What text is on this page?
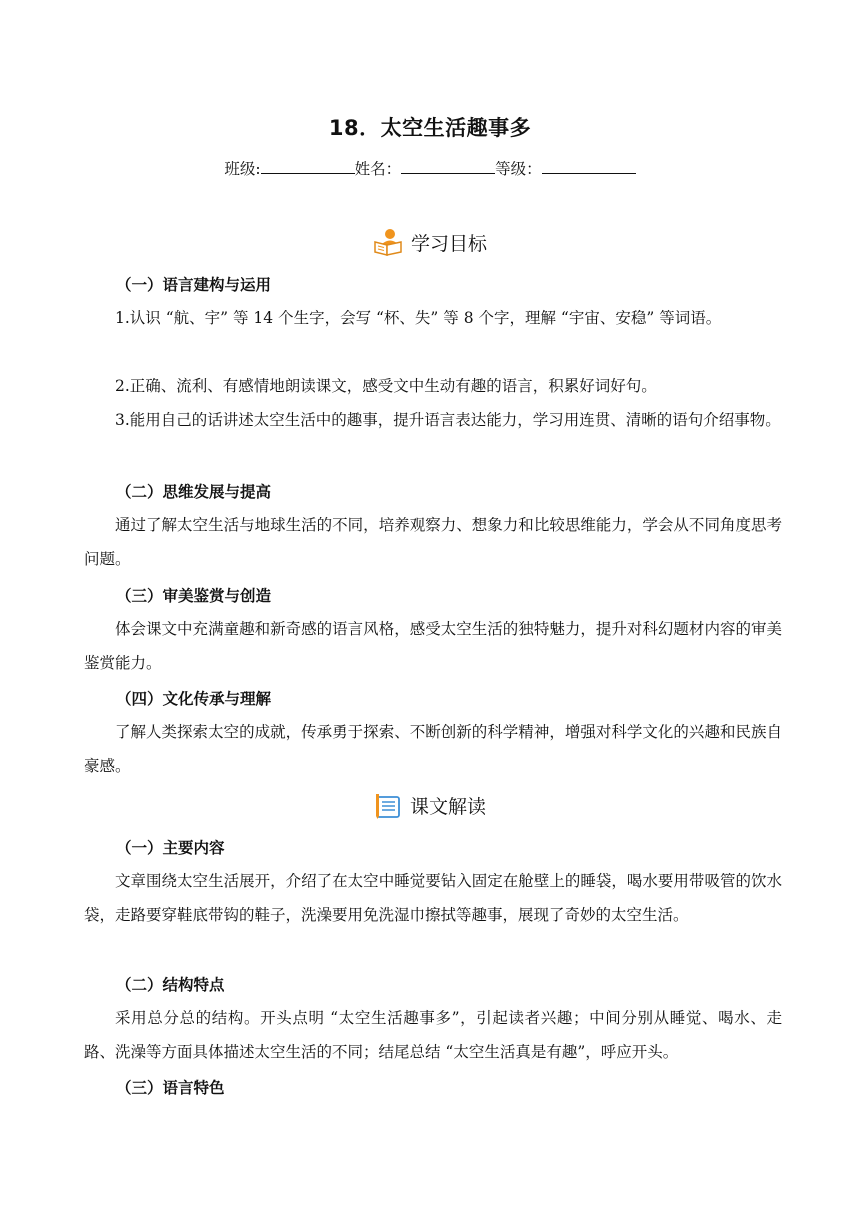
18．太空生活趣事多
班级:	姓名：	等级：
学习目标
（一）语言建构与运用

1.认识 “航、宇” 等 14 个生字，会写 “杯、失” 等 8 个字，理解 “宇宙、安稳” 等词语。

2.正确、流利、有感情地朗读课文，感受文中生动有趣的语言，积累好词好句。

3.能用自己的话讲述太空生活中的趣事，提升语言表达能力，学习用连贯、清晰的语句介绍事物。

（二）思维发展与提高

通过了解太空生活与地球生活的不同，培养观察力、想象力和比较思维能力，学会从不同角度思考问题。

（三）审美鉴赏与创造

体会课文中充满童趣和新奇感的语言风格，感受太空生活的独特魅力，提升对科幻题材内容的审美鉴赏能力。

（四）文化传承与理解

了解人类探索太空的成就，传承勇于探索、不断创新的科学精神，增强对科学文化的兴趣和民族自豪感。

课文解读
（一）主要内容

文章围绕太空生活展开，介绍了在太空中睡觉要钻入固定在舱壁上的睡袋，喝水要用带吸管的饮水袋，走路要穿鞋底带钩的鞋子，洗澡要用免洗湿巾擦拭等趣事，展现了奇妙的太空生活。

（二）结构特点

采用总分总的结构。开头点明 “太空生活趣事多”，引起读者兴趣；中间分别从睡觉、喝水、走路、洗澡等方面具体描述太空生活的不同；结尾总结 “太空生活真是有趣”，呼应开头。

（三）语言特色
